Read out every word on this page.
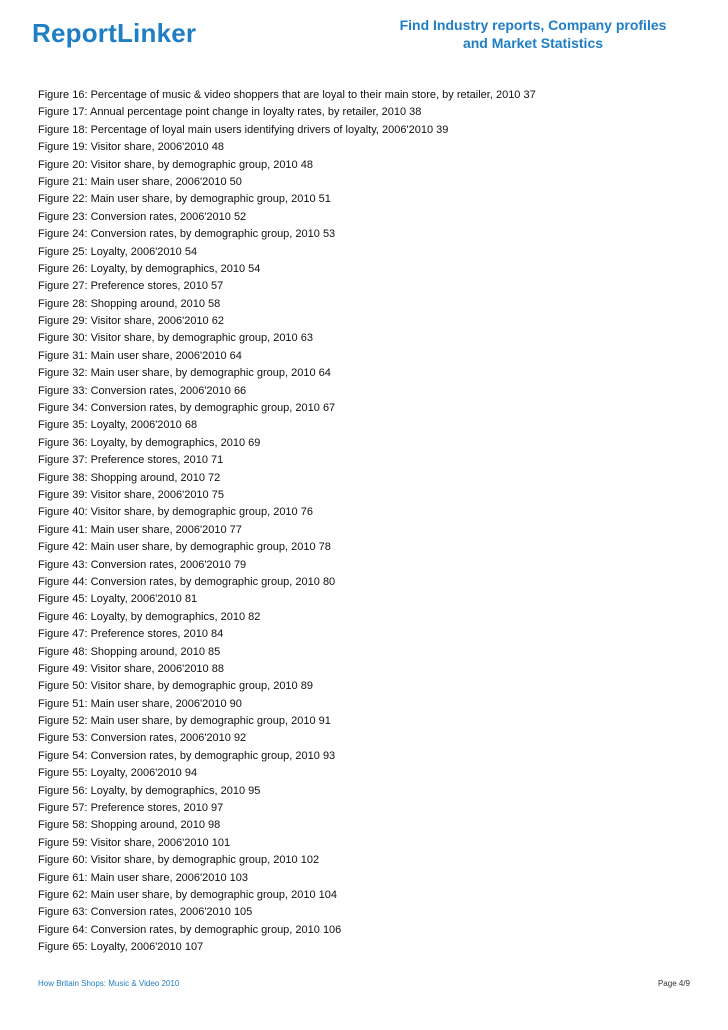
ReportLinker	Find Industry reports, Company profiles
and Market Statistics
Figure 16: Percentage of music & video shoppers that are loyal to their main store, by retailer, 2010 37
Figure 17: Annual percentage point change in loyalty rates, by retailer, 2010 38
Figure 18: Percentage of loyal main users identifying drivers of loyalty, 2006'2010 39
Figure 19: Visitor share, 2006'2010 48
Figure 20: Visitor share, by demographic group, 2010 48
Figure 21: Main user share, 2006'2010 50
Figure 22: Main user share, by demographic group, 2010 51
Figure 23: Conversion rates, 2006'2010 52
Figure 24: Conversion rates, by demographic group, 2010 53
Figure 25: Loyalty, 2006'2010 54
Figure 26: Loyalty, by demographics, 2010 54
Figure 27: Preference stores, 2010 57
Figure 28: Shopping around, 2010 58
Figure 29: Visitor share, 2006'2010 62
Figure 30: Visitor share, by demographic group, 2010 63
Figure 31: Main user share, 2006'2010 64
Figure 32: Main user share, by demographic group, 2010 64
Figure 33: Conversion rates, 2006'2010 66
Figure 34: Conversion rates, by demographic group, 2010 67
Figure 35: Loyalty, 2006'2010 68
Figure 36: Loyalty, by demographics, 2010 69
Figure 37: Preference stores, 2010 71
Figure 38: Shopping around, 2010 72
Figure 39: Visitor share, 2006'2010 75
Figure 40: Visitor share, by demographic group, 2010 76
Figure 41: Main user share, 2006'2010 77
Figure 42: Main user share, by demographic group, 2010 78
Figure 43: Conversion rates, 2006'2010 79
Figure 44: Conversion rates, by demographic group, 2010 80
Figure 45: Loyalty, 2006'2010 81
Figure 46: Loyalty, by demographics, 2010 82
Figure 47: Preference stores, 2010 84
Figure 48: Shopping around, 2010 85
Figure 49: Visitor share, 2006'2010 88
Figure 50: Visitor share, by demographic group, 2010 89
Figure 51: Main user share, 2006'2010 90
Figure 52: Main user share, by demographic group, 2010 91
Figure 53: Conversion rates, 2006'2010 92
Figure 54: Conversion rates, by demographic group, 2010 93
Figure 55: Loyalty, 2006'2010 94
Figure 56: Loyalty, by demographics, 2010 95
Figure 57: Preference stores, 2010 97
Figure 58: Shopping around, 2010 98
Figure 59: Visitor share, 2006'2010 101
Figure 60: Visitor share, by demographic group, 2010 102
Figure 61: Main user share, 2006'2010 103
Figure 62: Main user share, by demographic group, 2010 104
Figure 63: Conversion rates, 2006'2010 105
Figure 64: Conversion rates, by demographic group, 2010 106
Figure 65: Loyalty, 2006'2010 107
How Britain Shops: Music & Video 2010	Page 4/9
